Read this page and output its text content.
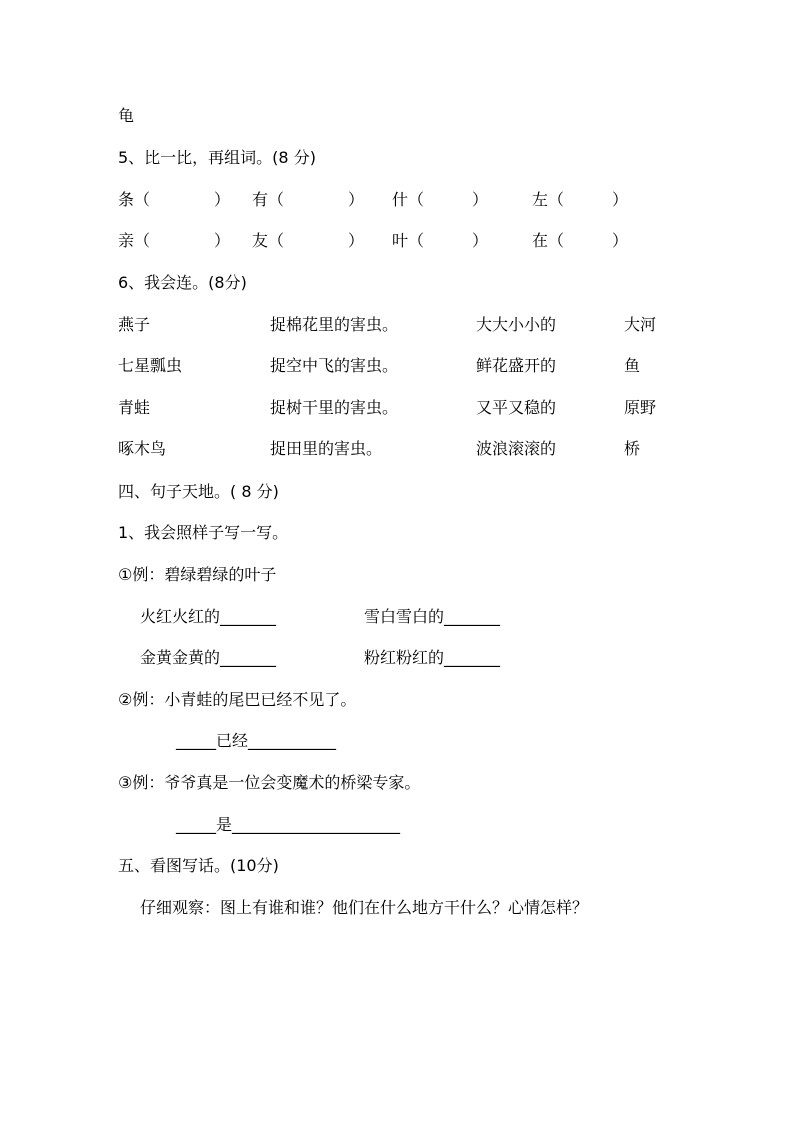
龟
5、比一比，再组词。(8 分)
条（　　　　） 有（　　　　） 什（　　　）	左（　　　）
亲（　　　　） 友（　　　　） 叶（　　　）	在（　　　）
6、我会连。(8分)
燕子	捉棉花里的害虫。	大大小小的	大河
七星瓢虫	捉空中飞的害虫。	鲜花盛开的	鱼
青蛙	捉树干里的害虫。	又平又稳的	原野
啄木鸟	捉田里的害虫。	波浪滚滚的	桥
四、句子天地。( 8 分)
1、我会照样子写一写。
①例：碧绿碧绿的叶子
火红火红的_______	雪白雪白的_______
金黄金黄的_______	粉红粉红的_______
②例：小青蛙的尾巴已经不见了。
_____已经___________
③例：爷爷真是一位会变魔术的桥梁专家。
_____是_____________________
五、看图写话。(10分)
仔细观察：图上有谁和谁？他们在什么地方干什么？心情怎样？
